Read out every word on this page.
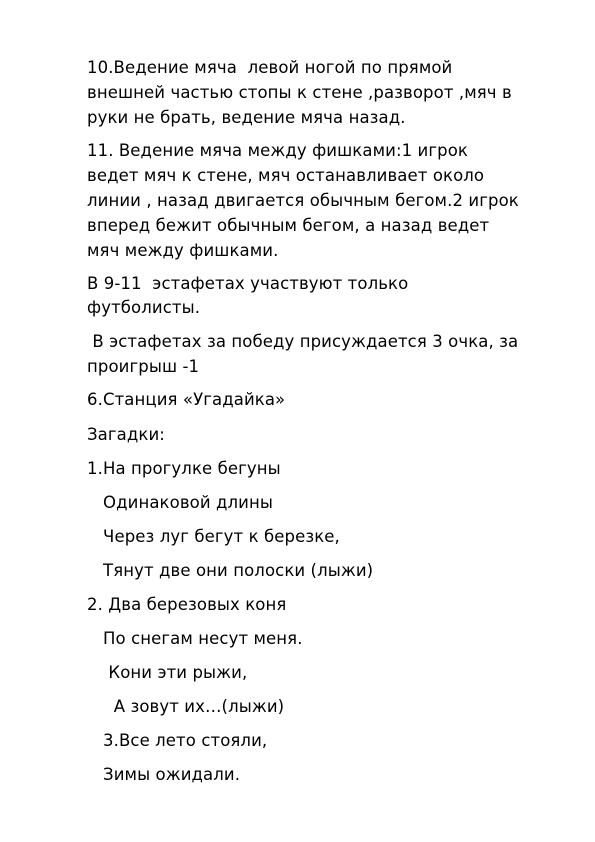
10.Ведение мяча  левой ногой по прямой
внешней частью стопы к стене ,разворот ,мяч в
руки не брать, ведение мяча назад.
11. Ведение мяча между фишками:1 игрок
ведет мяч к стене, мяч останавливает около
линии , назад двигается обычным бегом.2 игрок
вперед бежит обычным бегом, а назад ведет
мяч между фишками.
В 9-11  эстафетах участвуют только
футболисты.
В эстафетах за победу присуждается 3 очка, за
проигрыш -1
6.Станция «Угадайка»
Загадки:
1.На прогулке бегуны
Одинаковой длины
Через луг бегут к березке,
Тянут две они полоски (лыжи)
2. Два березовых коня
По снегам несут меня.
Кони эти рыжи,
А зовут их…(лыжи)
3.Все лето стояли,
Зимы ожидали.
